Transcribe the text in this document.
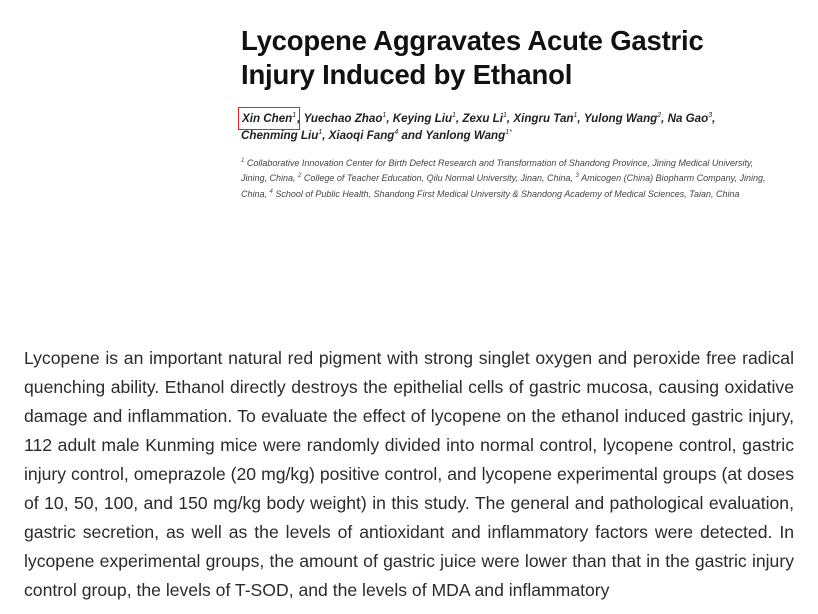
Lycopene Aggravates Acute Gastric
Injury Induced by Ethanol
Xin Chen$^1$, Yuechao Zhao$^1$, Keying Liu$^1$, Zexu Li$^1$, Xingru Tan$^1$, Yulong Wang$^2$, Na Gao$^3$, Chenming Liu$^1$, Xiaoqi Fang$^4$ and Yanlong Wang$^{1*}$
$^1$ Collaborative Innovation Center for Birth Defect Research and Transformation of Shandong Province, Jining Medical University, Jining, China, $^2$ College of Teacher Education, Qilu Normal University, Jinan, China, $^3$ Amicogen (China) Biopharm Company, Jining, China, $^4$ School of Public Health, Shandong First Medical University & Shandong Academy of Medical Sciences, Taian, China

Lycopene is an important natural red pigment with strong singlet oxygen and peroxide free radical quenching ability. Ethanol directly destroys the epithelial cells of gastric mucosa, causing oxidative damage and inflammation. To evaluate the effect of lycopene on the ethanol induced gastric injury, 112 adult male Kunming mice were randomly divided into normal control, lycopene control, gastric injury control, omeprazole (20 mg/kg) positive control, and lycopene experimental groups (at doses of 10, 50, 100, and 150 mg/kg body weight) in this study. The general and pathological evaluation, gastric secretion, as well as the levels of antioxidant and inflammatory factors were detected. In lycopene experimental groups, the amount of gastric juice were lower than that in the gastric injury control group, the levels of T-SOD, and the levels of MDA and inflammatory
